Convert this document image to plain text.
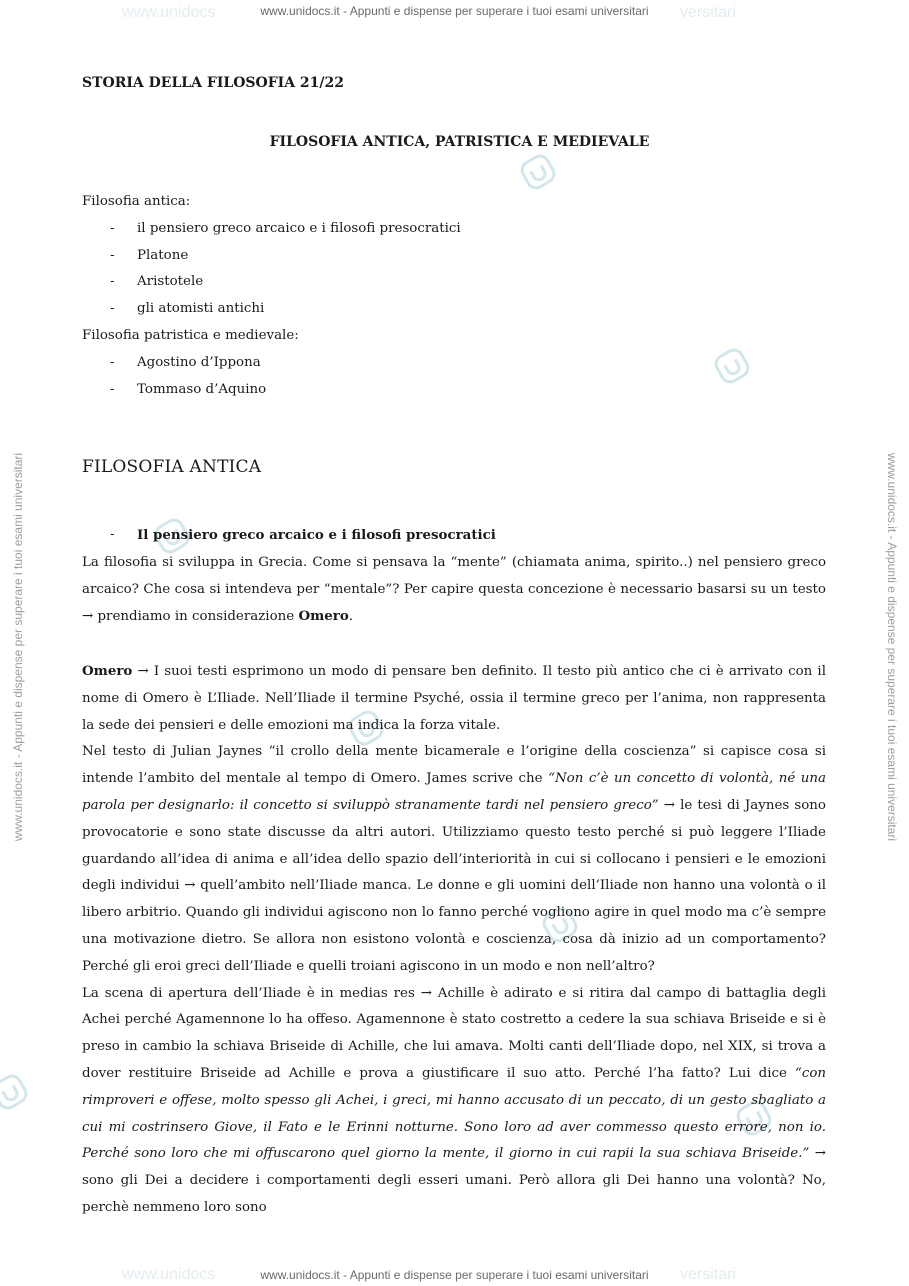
www.unidocs.it - Appunti e dispense per superare i tuoi esami universitari
www.unidocs.it - Appunti e dispense per superare i tuoi esami universitari
www.unidocs	versitari
www.unidocs	versitari
www.unidocs.it - Appunti e dispense per superare i tuoi esami universitari	www.unidocs.it - Appunti e dispense per superare i tuoi esami universitari
STORIA DELLA FILOSOFIA 21/22
FILOSOFIA ANTICA, PATRISTICA E MEDIEVALE
Filosofia antica:
- il pensiero greco arcaico e i filosofi presocratici
- Platone
- Aristotele
- gli atomisti antichi
Filosofia patristica e medievale:
- Agostino d’Ippona
- Tommaso d’Aquino
FILOSOFIA ANTICA
- Il pensiero greco arcaico e i filosofi presocratici
La filosofia si sviluppa in Grecia. Come si pensava la “mente” (chiamata anima, spirito..) nel pensiero greco arcaico? Che cosa si intendeva per “mentale”? Per capire questa concezione è necessario basarsi su un testo → prendiamo in considerazione Omero.
Omero → I suoi testi esprimono un modo di pensare ben definito. Il testo più antico che ci è arrivato con il nome di Omero è L’Iliade. Nell’Iliade il termine Psyché, ossia il termine greco per l’anima, non rappresenta la sede dei pensieri e delle emozioni ma indica la forza vitale.
Nel testo di Julian Jaynes “il crollo della mente bicamerale e l’origine della coscienza” si capisce cosa si intende l’ambito del mentale al tempo di Omero. James scrive che “Non c’è un concetto di volontà, né una parola per designarlo: il concetto si sviluppò stranamente tardi nel pensiero greco” → le tesi di Jaynes sono provocatorie e sono state discusse da altri autori. Utilizziamo questo testo perché si può leggere l’Iliade guardando all’idea di anima e all’idea dello spazio dell’interiorità in cui si collocano i pensieri e le emozioni degli individui → quell’ambito nell’Iliade manca. Le donne e gli uomini dell’Iliade non hanno una volontà o il libero arbitrio. Quando gli individui agiscono non lo fanno perché vogliono agire in quel modo ma c’è sempre una motivazione dietro. Se allora non esistono volontà e coscienza, cosa dà inizio ad un comportamento? Perché gli eroi greci dell’Iliade e quelli troiani agiscono in un modo e non nell’altro?
La scena di apertura dell’Iliade è in medias res → Achille è adirato e si ritira dal campo di battaglia degli Achei perché Agamennone lo ha offeso. Agamennone è stato costretto a cedere la sua schiava Briseide e si è preso in cambio la schiava Briseide di Achille, che lui amava. Molti canti dell’Iliade dopo, nel XIX, si trova a dover restituire Briseide ad Achille e prova a giustificare il suo atto. Perché l’ha fatto? Lui dice “con rimproveri e offese, molto spesso gli Achei, i greci, mi hanno accusato di un peccato, di un gesto sbagliato a cui mi costrinsero Giove, il Fato e le Erinni notturne. Sono loro ad aver commesso questo errore, non io. Perché sono loro che mi offuscarono quel giorno la mente, il giorno in cui rapii la sua schiava Briseide.” → sono gli Dei a decidere i comportamenti degli esseri umani. Però allora gli Dei hanno una volontà? No, perchè nemmeno loro sono
